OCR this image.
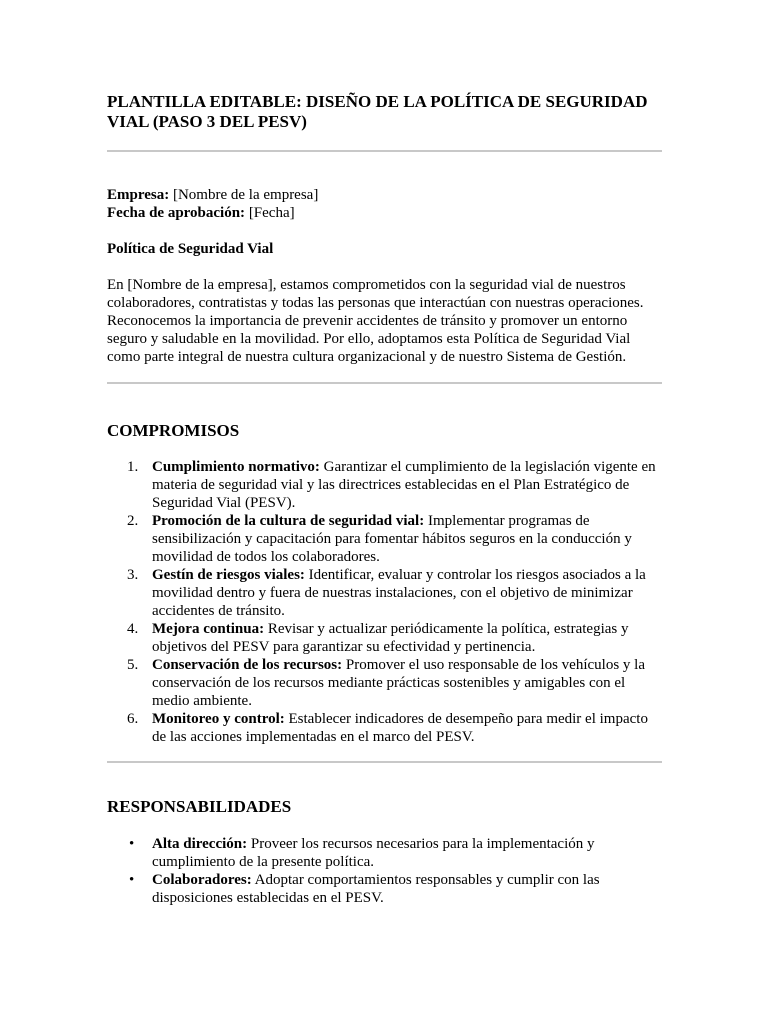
PLANTILLA EDITABLE: DISEÑO DE LA POLÍTICA DE SEGURIDAD VIAL (PASO 3 DEL PESV)
Empresa: [Nombre de la empresa]
Fecha de aprobación: [Fecha]

Política de Seguridad Vial

En [Nombre de la empresa], estamos comprometidos con la seguridad vial de nuestros colaboradores, contratistas y todas las personas que interactúan con nuestras operaciones. Reconocemos la importancia de prevenir accidentes de tránsito y promover un entorno seguro y saludable en la movilidad. Por ello, adoptamos esta Política de Seguridad Vial como parte integral de nuestra cultura organizacional y de nuestro Sistema de Gestión.

COMPROMISOS
1. Cumplimiento normativo: Garantizar el cumplimiento de la legislación vigente en materia de seguridad vial y las directrices establecidas en el Plan Estratégico de Seguridad Vial (PESV).
2. Promoción de la cultura de seguridad vial: Implementar programas de sensibilización y capacitación para fomentar hábitos seguros en la conducción y movilidad de todos los colaboradores.
3. Gestín de riesgos viales: Identificar, evaluar y controlar los riesgos asociados a la movilidad dentro y fuera de nuestras instalaciones, con el objetivo de minimizar accidentes de tránsito.
4. Mejora continua: Revisar y actualizar periódicamente la política, estrategias y objetivos del PESV para garantizar su efectividad y pertinencia.
5. Conservación de los recursos: Promover el uso responsable de los vehículos y la conservación de los recursos mediante prácticas sostenibles y amigables con el medio ambiente.
6. Monitoreo y control: Establecer indicadores de desempeño para medir el impacto de las acciones implementadas en el marco del PESV.
RESPONSABILIDADES
• Alta dirección: Proveer los recursos necesarios para la implementación y cumplimiento de la presente política.
• Colaboradores: Adoptar comportamientos responsables y cumplir con las disposiciones establecidas en el PESV.
